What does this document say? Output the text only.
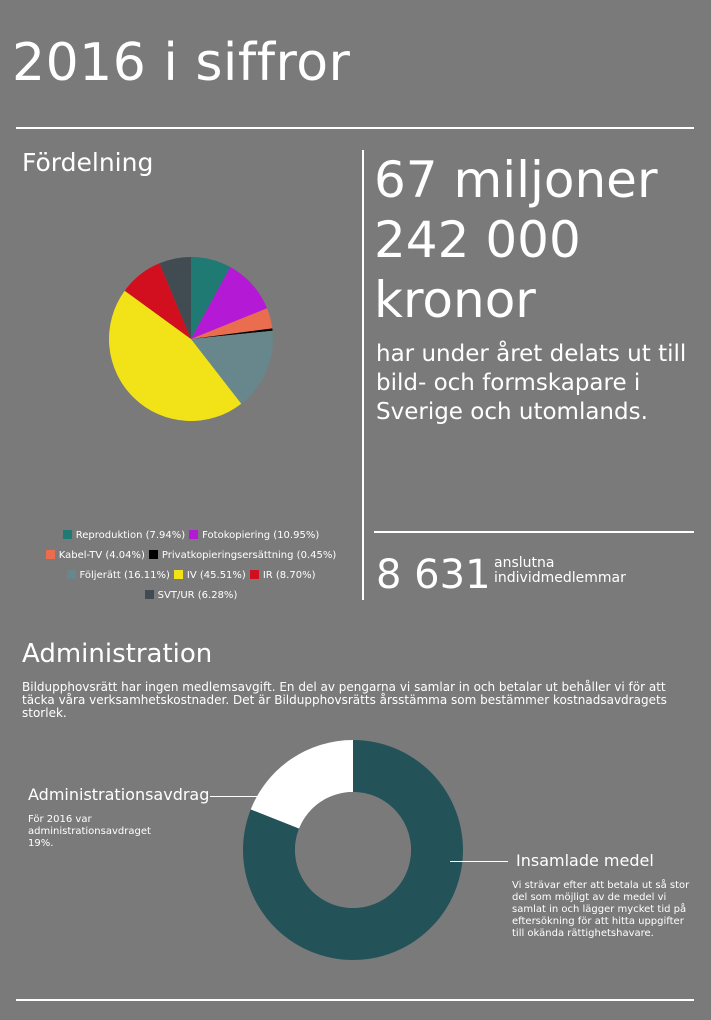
2016 i siffror
Fördelning
Reproduktion (7.94%) Fotokopiering (10.95%)
Kabel-TV (4.04%) Privatkopieringsersättning (0.45%)
Följerätt (16.11%) IV (45.51%) IR (8.70%)
SVT/UR (6.28%)
67 miljoner
242 000
kronor
har under året delats ut till bild- och formskapare i Sverige och utomlands.
8 631 anslutna
individmedlemmar
Administration
Bildupphovsrätt har ingen medlemsavgift. En del av pengarna vi samlar in och betalar ut behåller vi för att täcka våra verksamhetskostnader. Det är Bildupphovsrätts årsstämma som bestämmer kostnadsavdragets storlek.
Administrationsavdrag
För 2016 var administrationsavdraget 19%.
Insamlade medel
Vi strävar efter att betala ut så stor del som möjligt av de medel vi samlat in och lägger mycket tid på eftersökning för att hitta uppgifter till okända rättighetshavare.
